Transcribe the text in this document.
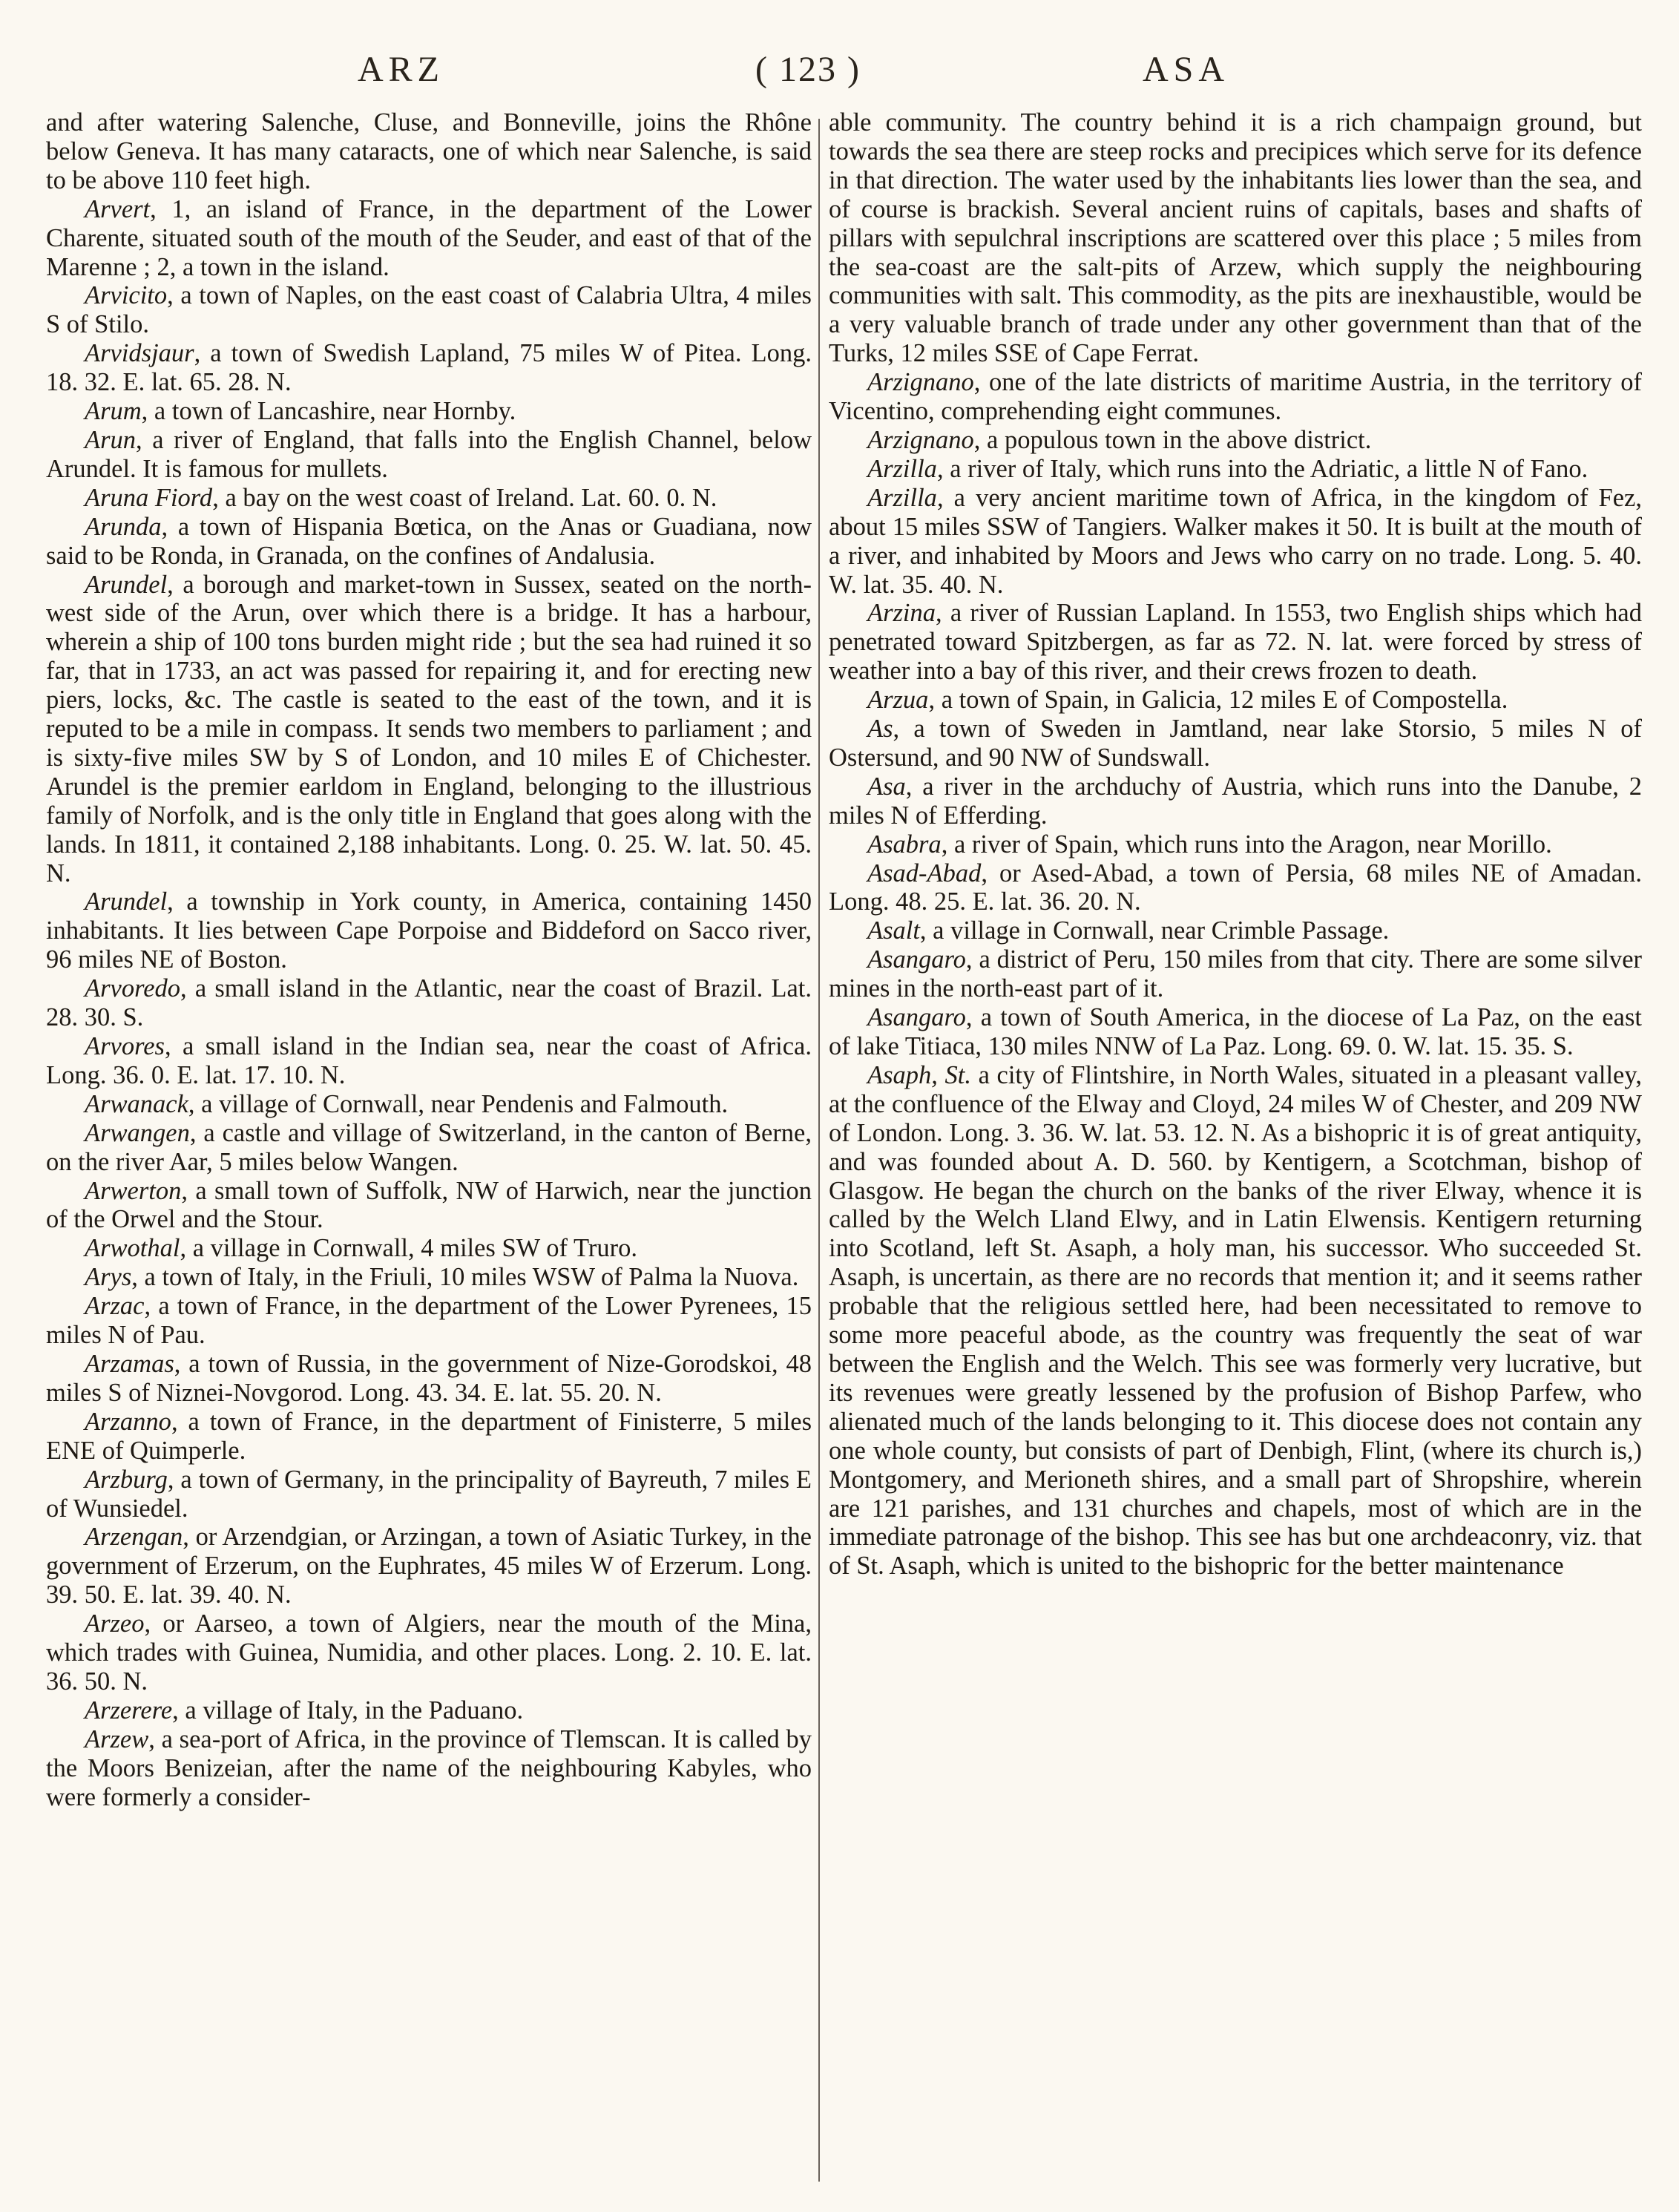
ARZ	( 123 )	ASA

and after watering Salenche, Cluse, and Bonneville, joins the Rhône below Geneva. It has many cataracts, one of which near Salenche, is said to be above 110 feet high.

Arvert, 1, an island of France, in the department of the Lower Charente, situated south of the mouth of the Seuder, and east of that of the Marenne ; 2, a town in the island.

Arvicito, a town of Naples, on the east coast of Calabria Ultra, 4 miles S of Stilo.

Arvidsjaur, a town of Swedish Lapland, 75 miles W of Pitea. Long. 18. 32. E. lat. 65. 28. N.

Arum, a town of Lancashire, near Hornby.

Arun, a river of England, that falls into the English Channel, below Arundel. It is famous for mullets.

Aruna Fiord, a bay on the west coast of Ireland. Lat. 60. 0. N.

Arunda, a town of Hispania Bœtica, on the Anas or Guadiana, now said to be Ronda, in Granada, on the confines of Andalusia.

Arundel, a borough and market-town in Sussex, seated on the north-west side of the Arun, over which there is a bridge. It has a harbour, wherein a ship of 100 tons burden might ride ; but the sea had ruined it so far, that in 1733, an act was passed for repairing it, and for erecting new piers, locks, &c. The castle is seated to the east of the town, and it is reputed to be a mile in compass. It sends two members to parliament ; and is sixty-five miles SW by S of London, and 10 miles E of Chichester. Arundel is the premier earldom in England, belonging to the illustrious family of Norfolk, and is the only title in England that goes along with the lands. In 1811, it contained 2,188 inhabitants. Long. 0. 25. W. lat. 50. 45. N.

Arundel, a township in York county, in America, containing 1450 inhabitants. It lies between Cape Porpoise and Biddeford on Sacco river, 96 miles NE of Boston.

Arvoredo, a small island in the Atlantic, near the coast of Brazil. Lat. 28. 30. S.

Arvores, a small island in the Indian sea, near the coast of Africa. Long. 36. 0. E. lat. 17. 10. N.

Arwanack, a village of Cornwall, near Pendenis and Falmouth.

Arwangen, a castle and village of Switzerland, in the canton of Berne, on the river Aar, 5 miles below Wangen.

Arwerton, a small town of Suffolk, NW of Harwich, near the junction of the Orwel and the Stour.

Arwothal, a village in Cornwall, 4 miles SW of Truro.

Arys, a town of Italy, in the Friuli, 10 miles WSW of Palma la Nuova.

Arzac, a town of France, in the department of the Lower Pyrenees, 15 miles N of Pau.

Arzamas, a town of Russia, in the government of Nize-Gorodskoi, 48 miles S of Niznei-Novgorod. Long. 43. 34. E. lat. 55. 20. N.

Arzanno, a town of France, in the department of Finisterre, 5 miles ENE of Quimperle.

Arzburg, a town of Germany, in the principality of Bayreuth, 7 miles E of Wunsiedel.

Arzengan, or Arzendgian, or Arzingan, a town of Asiatic Turkey, in the government of Erzerum, on the Euphrates, 45 miles W of Erzerum. Long. 39. 50. E. lat. 39. 40. N.

Arzeo, or Aarseo, a town of Algiers, near the mouth of the Mina, which trades with Guinea, Numidia, and other places. Long. 2. 10. E. lat. 36. 50. N.

Arzerere, a village of Italy, in the Paduano.

Arzew, a sea-port of Africa, in the province of Tlemscan. It is called by the Moors Benizeian, after the name of the neighbouring Kabyles, who were formerly a consider-

able community. The country behind it is a rich champaign ground, but towards the sea there are steep rocks and precipices which serve for its defence in that direction. The water used by the inhabitants lies lower than the sea, and of course is brackish. Several ancient ruins of capitals, bases and shafts of pillars with sepulchral inscriptions are scattered over this place ; 5 miles from the sea-coast are the salt-pits of Arzew, which supply the neighbouring communities with salt. This commodity, as the pits are inexhaustible, would be a very valuable branch of trade under any other government than that of the Turks, 12 miles SSE of Cape Ferrat.

Arzignano, one of the late districts of maritime Austria, in the territory of Vicentino, comprehending eight communes.

Arzignano, a populous town in the above district.

Arzilla, a river of Italy, which runs into the Adriatic, a little N of Fano.

Arzilla, a very ancient maritime town of Africa, in the kingdom of Fez, about 15 miles SSW of Tangiers. Walker makes it 50. It is built at the mouth of a river, and inhabited by Moors and Jews who carry on no trade. Long. 5. 40. W. lat. 35. 40. N.

Arzina, a river of Russian Lapland. In 1553, two English ships which had penetrated toward Spitzbergen, as far as 72. N. lat. were forced by stress of weather into a bay of this river, and their crews frozen to death.

Arzua, a town of Spain, in Galicia, 12 miles E of Compostella.

As, a town of Sweden in Jamtland, near lake Storsio, 5 miles N of Ostersund, and 90 NW of Sundswall.

Asa, a river in the archduchy of Austria, which runs into the Danube, 2 miles N of Efferding.

Asabra, a river of Spain, which runs into the Aragon, near Morillo.

Asad-Abad, or Ased-Abad, a town of Persia, 68 miles NE of Amadan. Long. 48. 25. E. lat. 36. 20. N.

Asalt, a village in Cornwall, near Crimble Passage.

Asangaro, a district of Peru, 150 miles from that city. There are some silver mines in the north-east part of it.

Asangaro, a town of South America, in the diocese of La Paz, on the east of lake Titiaca, 130 miles NNW of La Paz. Long. 69. 0. W. lat. 15. 35. S.

Asaph, St. a city of Flintshire, in North Wales, situated in a pleasant valley, at the confluence of the Elway and Cloyd, 24 miles W of Chester, and 209 NW of London. Long. 3. 36. W. lat. 53. 12. N. As a bishopric it is of great antiquity, and was founded about A. D. 560. by Kentigern, a Scotchman, bishop of Glasgow. He began the church on the banks of the river Elway, whence it is called by the Welch Lland Elwy, and in Latin Elwensis. Kentigern returning into Scotland, left St. Asaph, a holy man, his successor. Who succeeded St. Asaph, is uncertain, as there are no records that mention it; and it seems rather probable that the religious settled here, had been necessitated to remove to some more peaceful abode, as the country was frequently the seat of war between the English and the Welch. This see was formerly very lucrative, but its revenues were greatly lessened by the profusion of Bishop Parfew, who alienated much of the lands belonging to it. This diocese does not contain any one whole county, but consists of part of Denbigh, Flint, (where its church is,) Montgomery, and Merioneth shires, and a small part of Shropshire, wherein are 121 parishes, and 131 churches and chapels, most of which are in the immediate patronage of the bishop. This see has but one archdeaconry, viz. that of St. Asaph, which is united to the bishopric for the better maintenance
